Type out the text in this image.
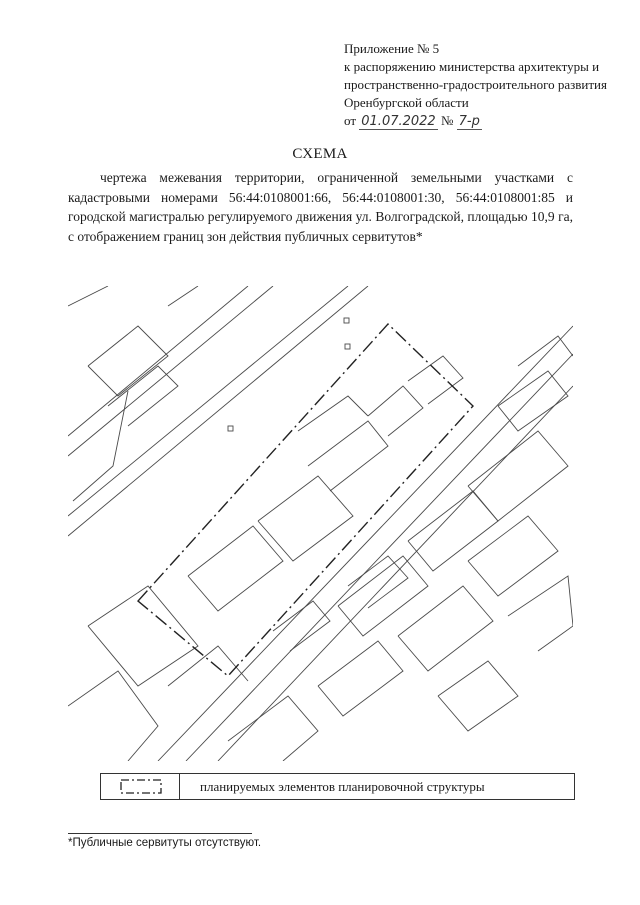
Приложение № 5
к распоряжению министерства архитектуры и
пространственно-градостроительного развития
Оренбургской области
от 01.07.2022 № 7-р
СХЕМА
чертежа межевания территории, ограниченной земельными участками с кадастровыми номерами 56:44:0108001:66, 56:44:0108001:30, 56:44:0108001:85 и городской магистралью регулируемого движения ул. Волгоградской, площадью 10,9 га, с отображением границ зон действия публичных сервитутов*
планируемых элементов планировочной структуры
*Публичные сервитуты отсутствуют.
